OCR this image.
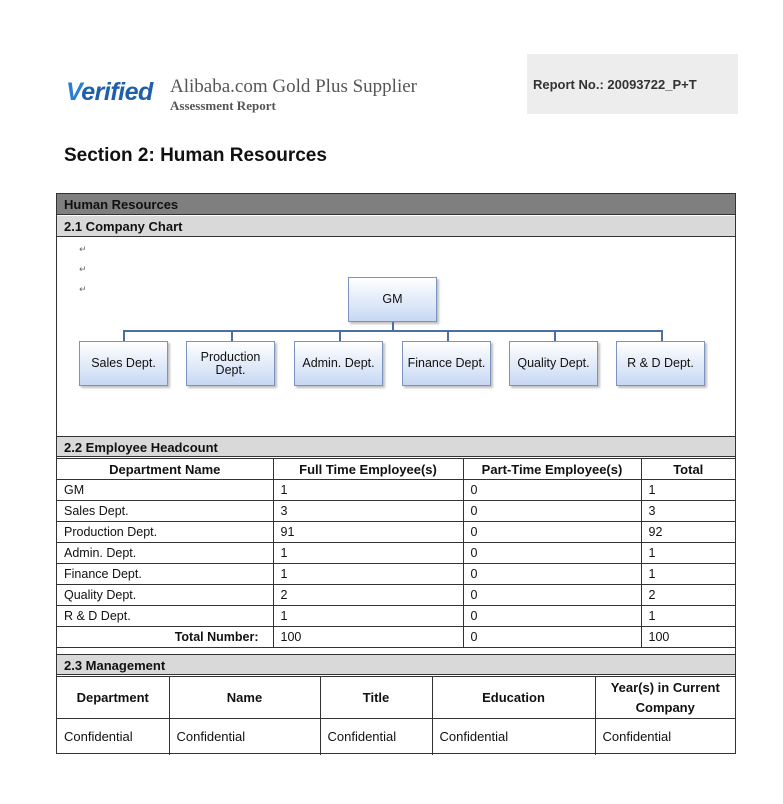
Verified Alibaba.com Gold Plus Supplier
Assessment Report
Report No.: 20093722_P+T
Section 2: Human Resources
Human Resources
2.1 Company Chart
↵
↵
↵
GM
Sales Dept.	Production Dept.	Admin. Dept.	Finance Dept.	Quality Dept.	R & D Dept.
2.2 Employee Headcount
Department Name	Full Time Employee(s)	Part-Time Employee(s)	Total
GM	1	0	1
Sales Dept.	3	0	3
Production Dept.	91	0	92
Admin. Dept.	1	0	1
Finance Dept.	1	0	1
Quality Dept.	2	0	2
R & D Dept.	1	0	1
Total Number:	100	0	100
2.3 Management
Department	Name	Title	Education	Year(s) in Current Company
Confidential	Confidential	Confidential	Confidential	Confidential
